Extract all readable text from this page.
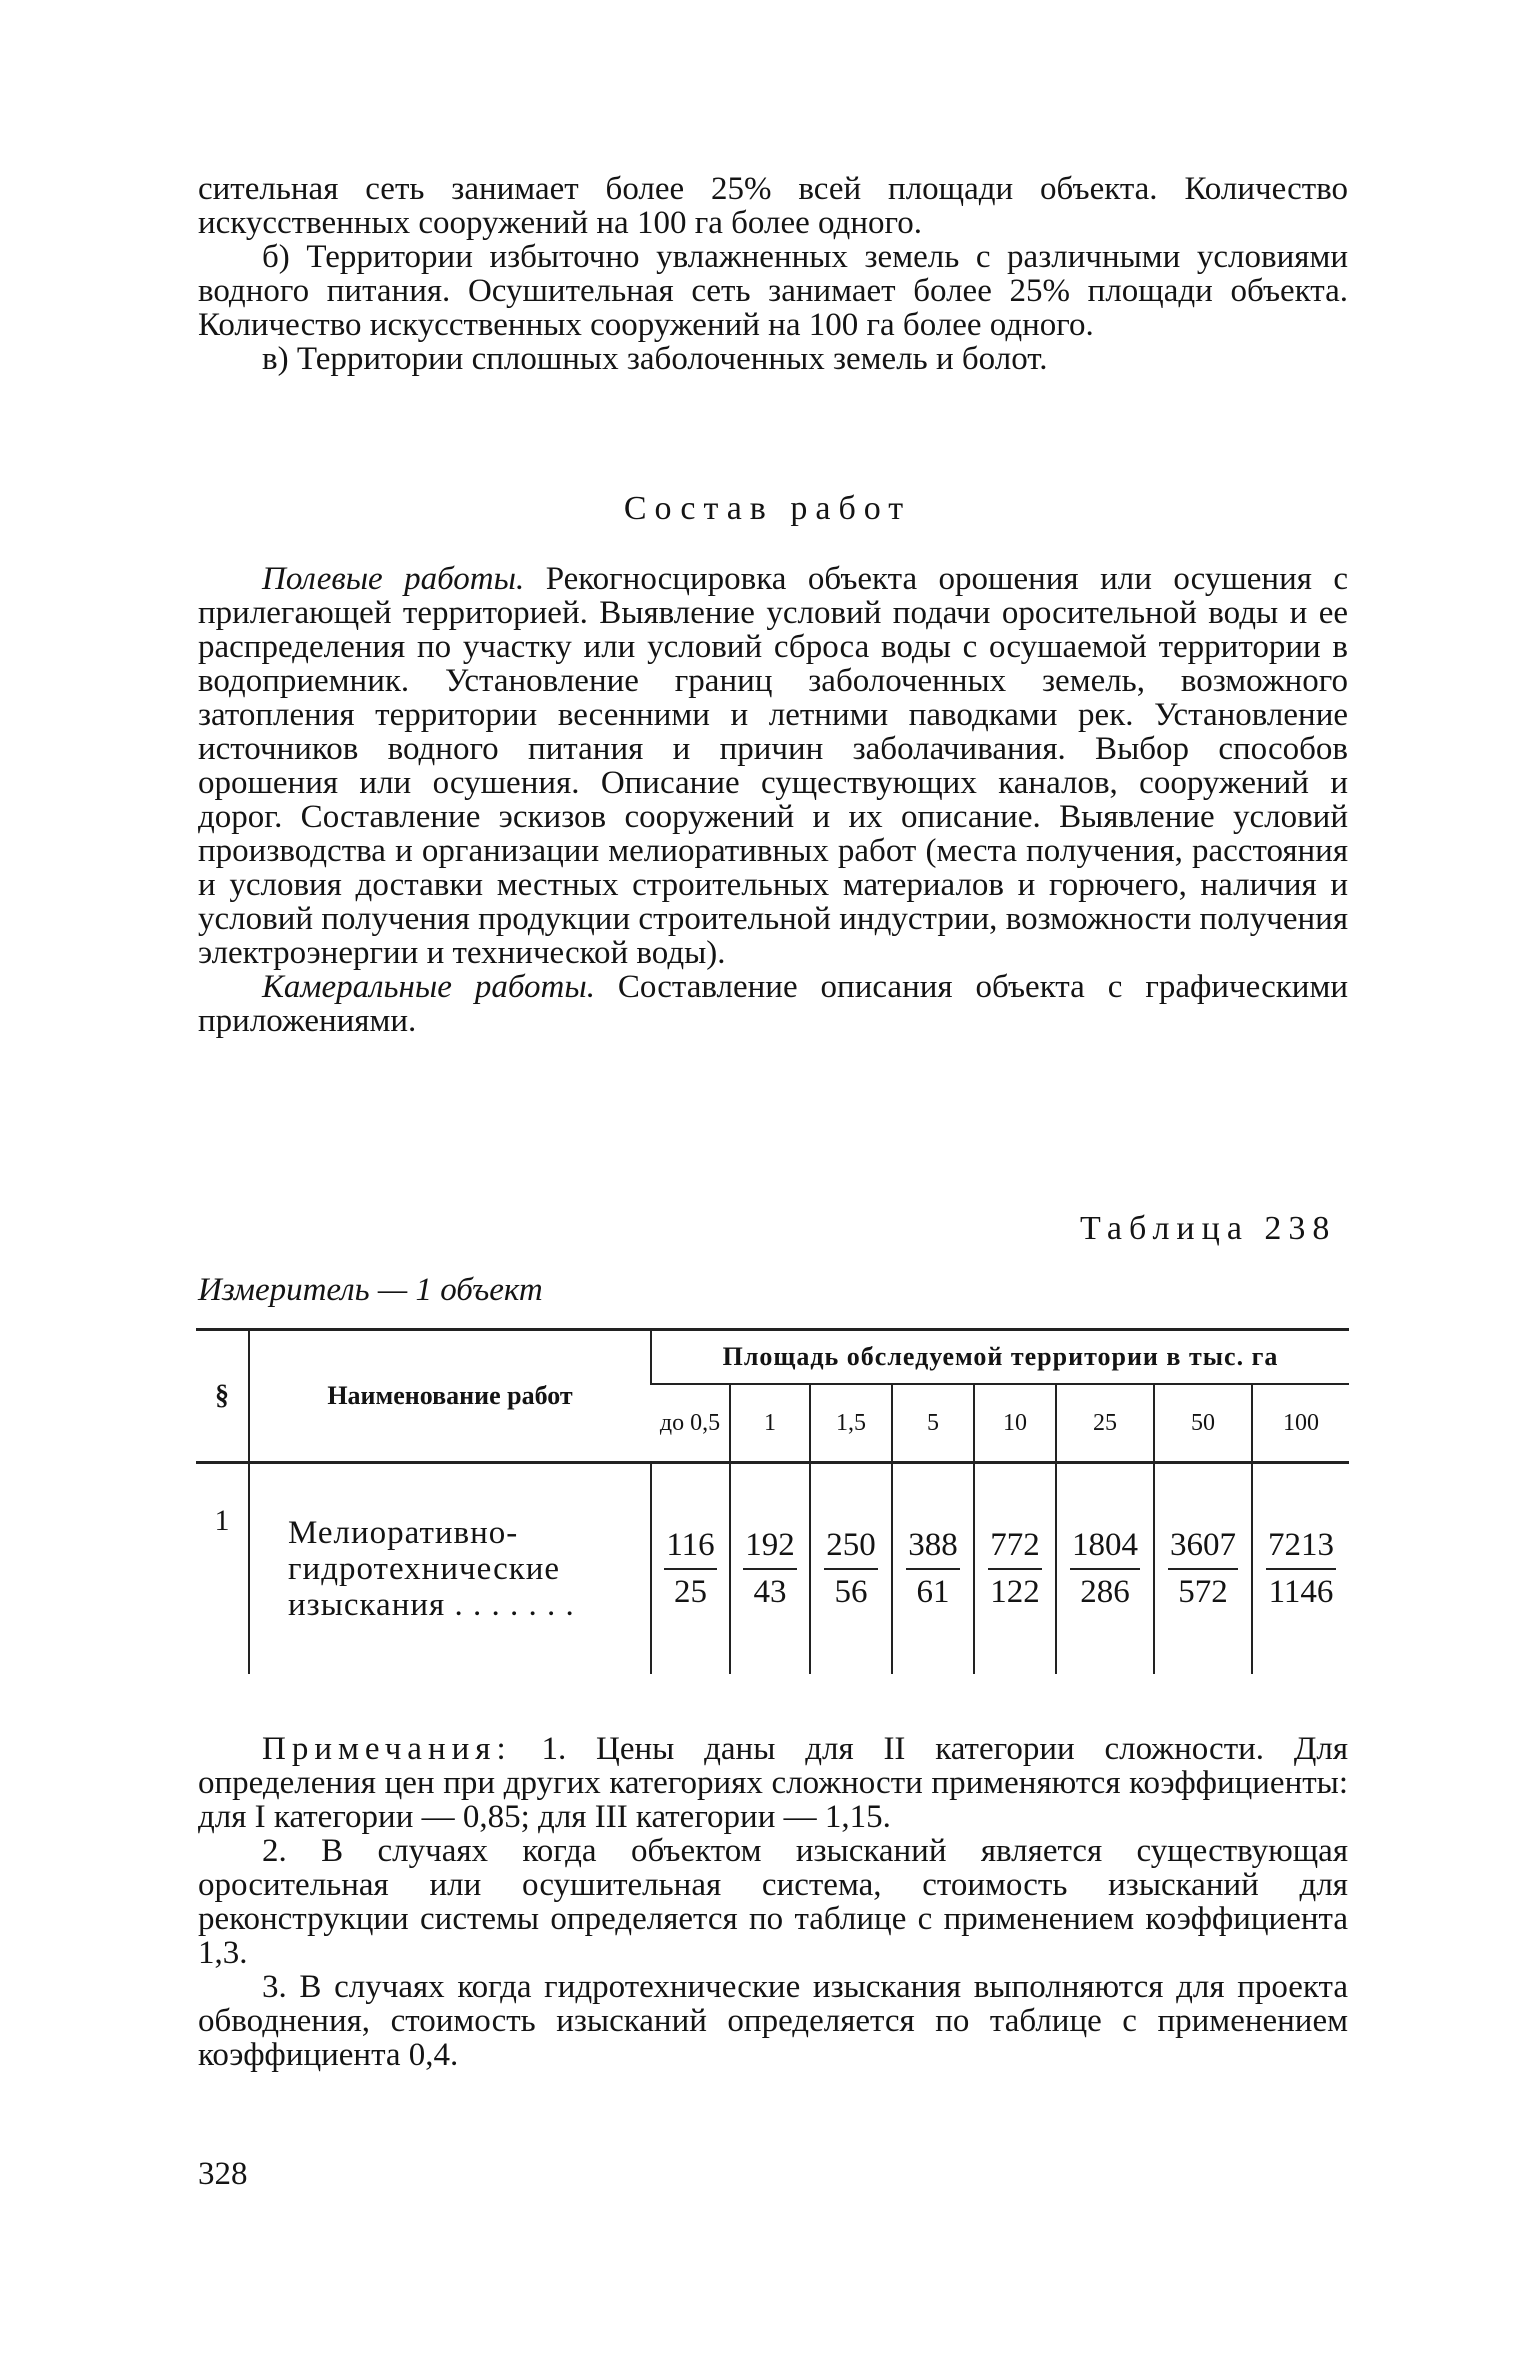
сительная сеть занимает более 25% всей площади объекта. Количество искусственных сооружений на 100 га более одного.

б) Территории избыточно увлажненных земель с различными условиями водного питания. Осушительная сеть занимает более 25% площади объекта. Количество искусственных сооружений на 100 га более одного.

в) Территории сплошных заболоченных земель и болот.

Состав работ

Полевые работы. Рекогносцировка объекта орошения или осушения с прилегающей территорией. Выявление условий подачи оросительной воды и ее распределения по участку или условий сброса воды с осушаемой территории в водоприемник. Установление границ заболоченных земель, возможного затопления территории весенними и летними паводками рек. Установление источников водного питания и причин заболачивания. Выбор способов орошения или осушения. Описание существующих каналов, сооружений и дорог. Составление эскизов сооружений и их описание. Выявление условий производства и организации мелиоративных работ (места получения, расстояния и условия доставки местных строительных материалов и горючего, наличия и условий получения продукции строительной индустрии, возможности получения электроэнергии и технической воды).

Камеральные работы. Составление описания объекта с графическими приложениями.

Таблица 238
Измеритель — 1 объект
§	Наименование работ	Площадь обследуемой территории в тыс. га							
		до 0,5	1	1,5	5	10	25	50	100
1	Мелиоративно-гидротехнические изыскания . . . . . . .	$\frac{116}{25}$	$\frac{192}{43}$	$\frac{250}{56}$	$\frac{388}{61}$	$\frac{772}{122}$	$\frac{1804}{286}$	$\frac{3607}{572}$	$\frac{7213}{1146}$

Примечания: 1. Цены даны для II категории сложности. Для определения цен при других категориях сложности применяются коэффициенты: для I категории — 0,85; для III категории — 1,15.

2. В случаях когда объектом изысканий является существующая оросительная или осушительная система, стоимость изысканий для реконструкции системы определяется по таблице с применением коэффициента 1,3.

3. В случаях когда гидротехнические изыскания выполняются для проекта обводнения, стоимость изысканий определяется по таблице с применением коэффициента 0,4.

328
